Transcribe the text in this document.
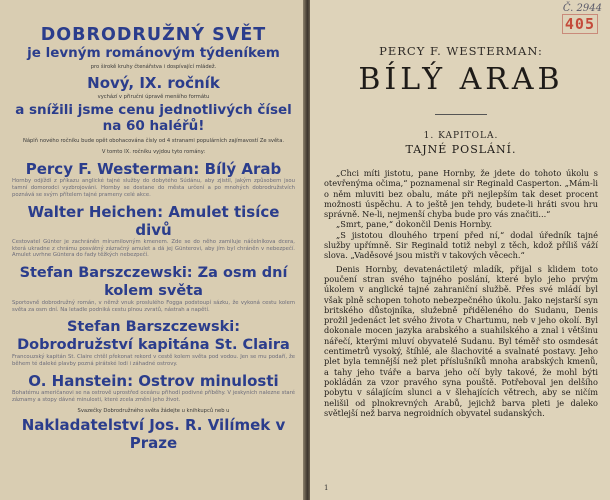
DOBRODRUŽNÝ SVĚT
je levným románovým týdeníkem
pro širokě kruhy čtenářstva i dospívající mládež.
Nový, IX. ročník
vychází v přiručni úpravě menšího formátu
a snížili jsme cenu jednotlivých čísel
na 60 haléřů!
Náplň nového ročníku bude opět obohacována čísly od 4 stranami populárních zajímavostí Ze světa.
V tomto IX. ročníku vyjdou tyto romány:
Percy F. Westerman: Bílý Arab
Hornby odjíždí z příkazu anglické tajné služby do dobytého Súdánu, aby zjistil, jakým způsobem jsou tamní domorodci vyzbrojováni. Hornby se dostane do města určení a po mnohých dobrodružstvích poznává se svým přítelem tajné prameny celé akce.
Walter Heichen: Amulet tisíce divů
Cestovatel Günter je zachráněn mírumilovným kmenem. Zde se do něho zamiluje náčelníkova dcera, která ukradne z chrámu posvátný zázračný amulet a dá jej Günterovi, aby jím byl chráněn v nebezpečí. Amulet uvrhne Güntera do řady těžkých nebezpečí.
Stefan Barszczewski: Za osm dní kolem světa
Sportovně dobrodružný román, v němž vnuk proslulého Fogga podstoupí sázku, že vykoná cestu kolem světa za osm dní. Na letadle podniká cestu plnou zvratů, nástrah a napětí.
Stefan Barszczewski: Dobrodružství kapitána St. Claira
Francouzský kapitán St. Claire chtěl překonat rekord v cestě kolem světa pod vodou. Jen se mu podaří, že během té daleké plavby pozná pirátské lodi i záhadné ostrovy.
O. Hanstein: Ostrov minulosti
Bohatému američanovi se na ostrově uprostřed oceánu přihodí podivné příběhy. V jeskyních nalezne staré záznamy a stopy dávné minulosti, které zcela změní jeho život.
Svazečky Dobrodružného světa žádejte u knihkupců neb u
Nakladatelství Jos. R. Vilímek v Praze
Č. 2944
405
PERCY F. WESTERMAN:
BÍLÝ ARAB
1. KAPITOLA.
TAJNÉ POSLÁNÍ.

„Chci míti jistotu, pane Hornby, že jdete do tohoto úkolu s otevřenýma očima,“ poznamenal sir Reginald Casperton. „Mám-li o něm mluviti bez obalu, máte při nejlepším tak deset procent možnosti úspěchu. A to ještě jen tehdy, budete-li hráti svou hru správně. Ne-li, nejmenší chyba bude pro vás značiti...“

„Smrt, pane,“ dokončil Denis Hornby.

„S jistotou dlouhého trpení před ní,“ dodal úředník tajné služby upřímně. Sir Reginald totiž nebyl z těch, kdož příliš váží slova. „Vaděsové jsou mistři v takových věcech.“

Denis Hornby, devatenáctiletý mladík, přijal s klidem toto poučení stran svého tajného poslání, které bylo jeho prvým úkolem v anglické tajné zahraniční službě. Přes své mládí byl však plně schopen tohoto nebezpečného úkolu. Jako nejstarší syn britského důstojníka, služebně přiděleného do Sudanu, Denis prožil jedenáct let svého života v Chartumu, neb v jeho okolí. Byl dokonale mocen jazyka arabského a suahilského a znal i většinu nářečí, kterými mluví obyvatelé Sudanu. Byl téměř sto osmdesát centimetrů vysoký, štíhlé, ale šlachovité a svalnaté postavy. Jeho plet byla temnější než plet příslušníků mnoha arabských kmenů, a tahy jeho tváře a barva jeho očí byly takové, že mohl býti pokládán za vzor pravého syna pouště. Potřeboval jen delšího pobytu v sálajícím slunci a v šlehajících větrech, aby se ničím nelišil od plnokrevných Arabů, jejichž barva pleti je daleko světlejší než barva negroidních obyvatel sudanských.

1
